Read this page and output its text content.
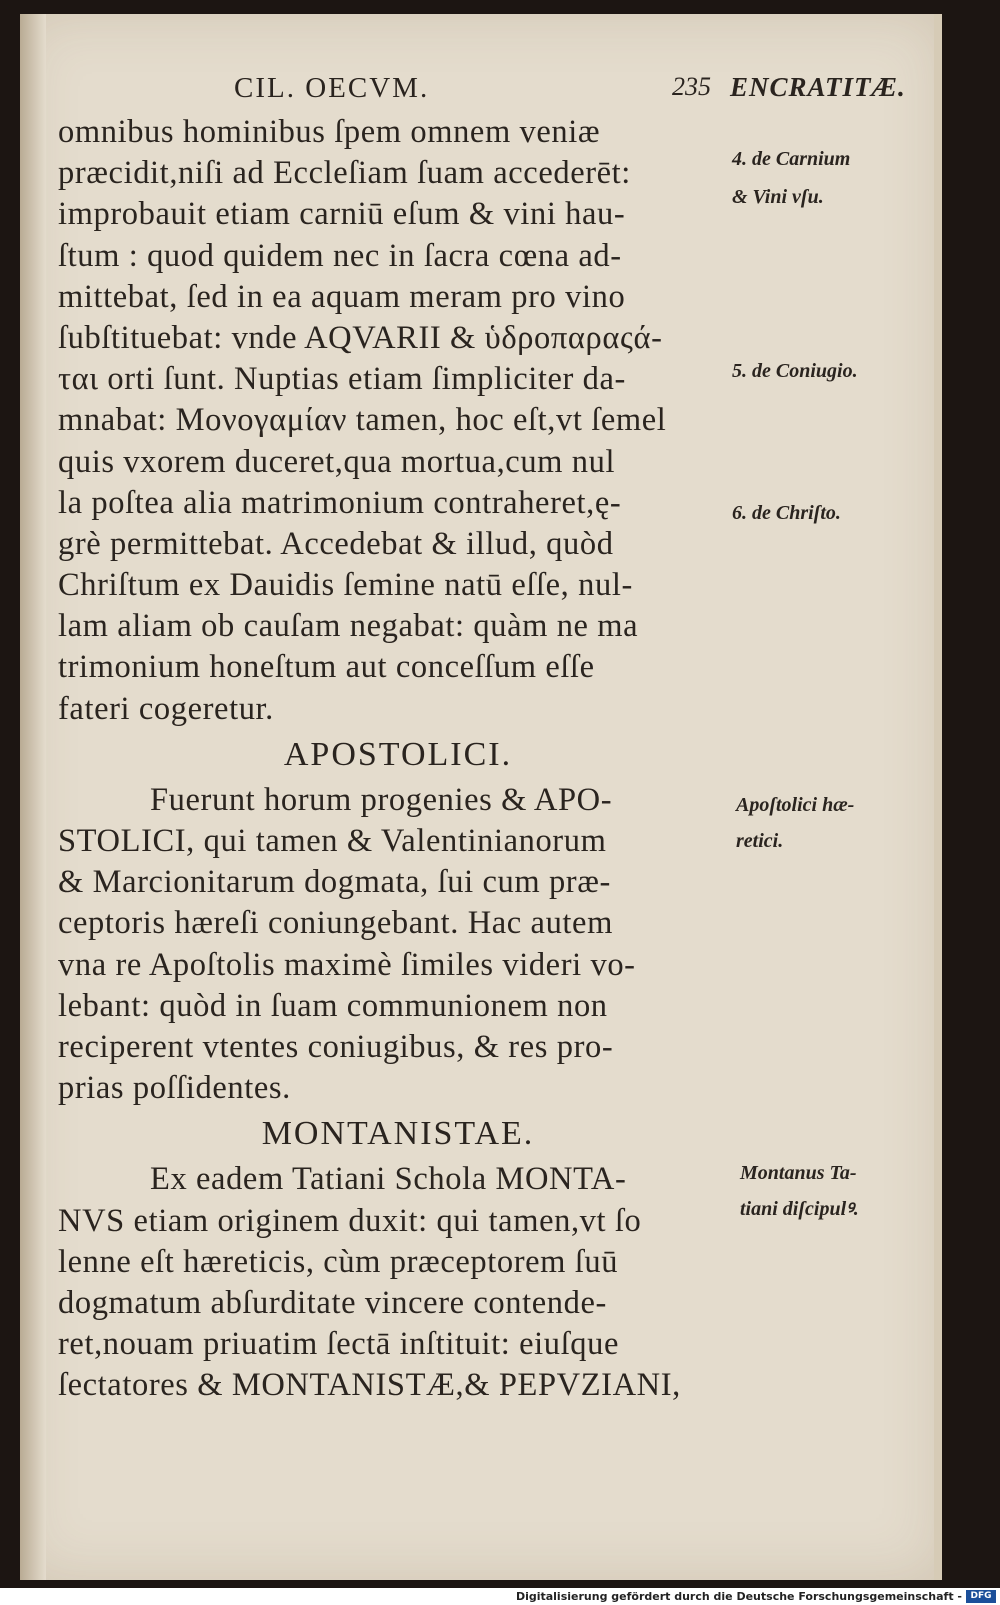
CIL. OECVM.	235 ENCRATITÆ.
omnibus hominibus ſpem omnem veniæ
præcidit,niſi ad Eccleſiam ſuam accederēt:
improbauit etiam carniū eſum & vini hau-
ſtum : quod quidem nec in ſacra cœna ad-
mittebat, ſed in ea aquam meram pro vino
ſubſtituebat: vnde AQVARII & ὑδροπαραςά-
ται orti ſunt. Nuptias etiam ſimpliciter da-
mnabat: Μονογαμίαν tamen, hoc eſt,vt ſemel
quis vxorem duceret,qua mortua,cum nul
la poſtea alia matrimonium contraheret,ę-
grè permittebat. Accedebat & illud, quòd
Chriſtum ex Dauidis ſemine natū eſſe, nul-
lam aliam ob cauſam negabat: quàm ne ma
trimonium honeſtum aut conceſſum eſſe
fateri cogeretur.
APOSTOLICI.
Fuerunt horum progenies & APO-
STOLICI, qui tamen & Valentinianorum
& Marcionitarum dogmata, ſui cum præ-
ceptoris hæreſi coniungebant. Hac autem
vna re Apoſtolis maximè ſimiles videri vo-
lebant: quòd in ſuam communionem non
reciperent vtentes coniugibus, & res pro-
prias poſſidentes.
MONTANISTAE.
Ex eadem Tatiani Schola MONTA-
NVS etiam originem duxit: qui tamen,vt ſo
lenne eſt hæreticis, cùm præceptorem ſuū
dogmatum abſurditate vincere contende-
ret,nouam priuatim ſectā inſtituit: eiuſque
ſectatores & MONTANISTÆ,& PEPVZIANI,
4. de Carnium
& Vini vſu.
5. de Coniugio.
6. de Chriſto.
Apoſtolici hæ-
retici.
Montanus Ta-
tiani diſcipulꝰ.
Digitalisierung gefördert durch die Deutsche Forschungsgemeinschaft - DFG
